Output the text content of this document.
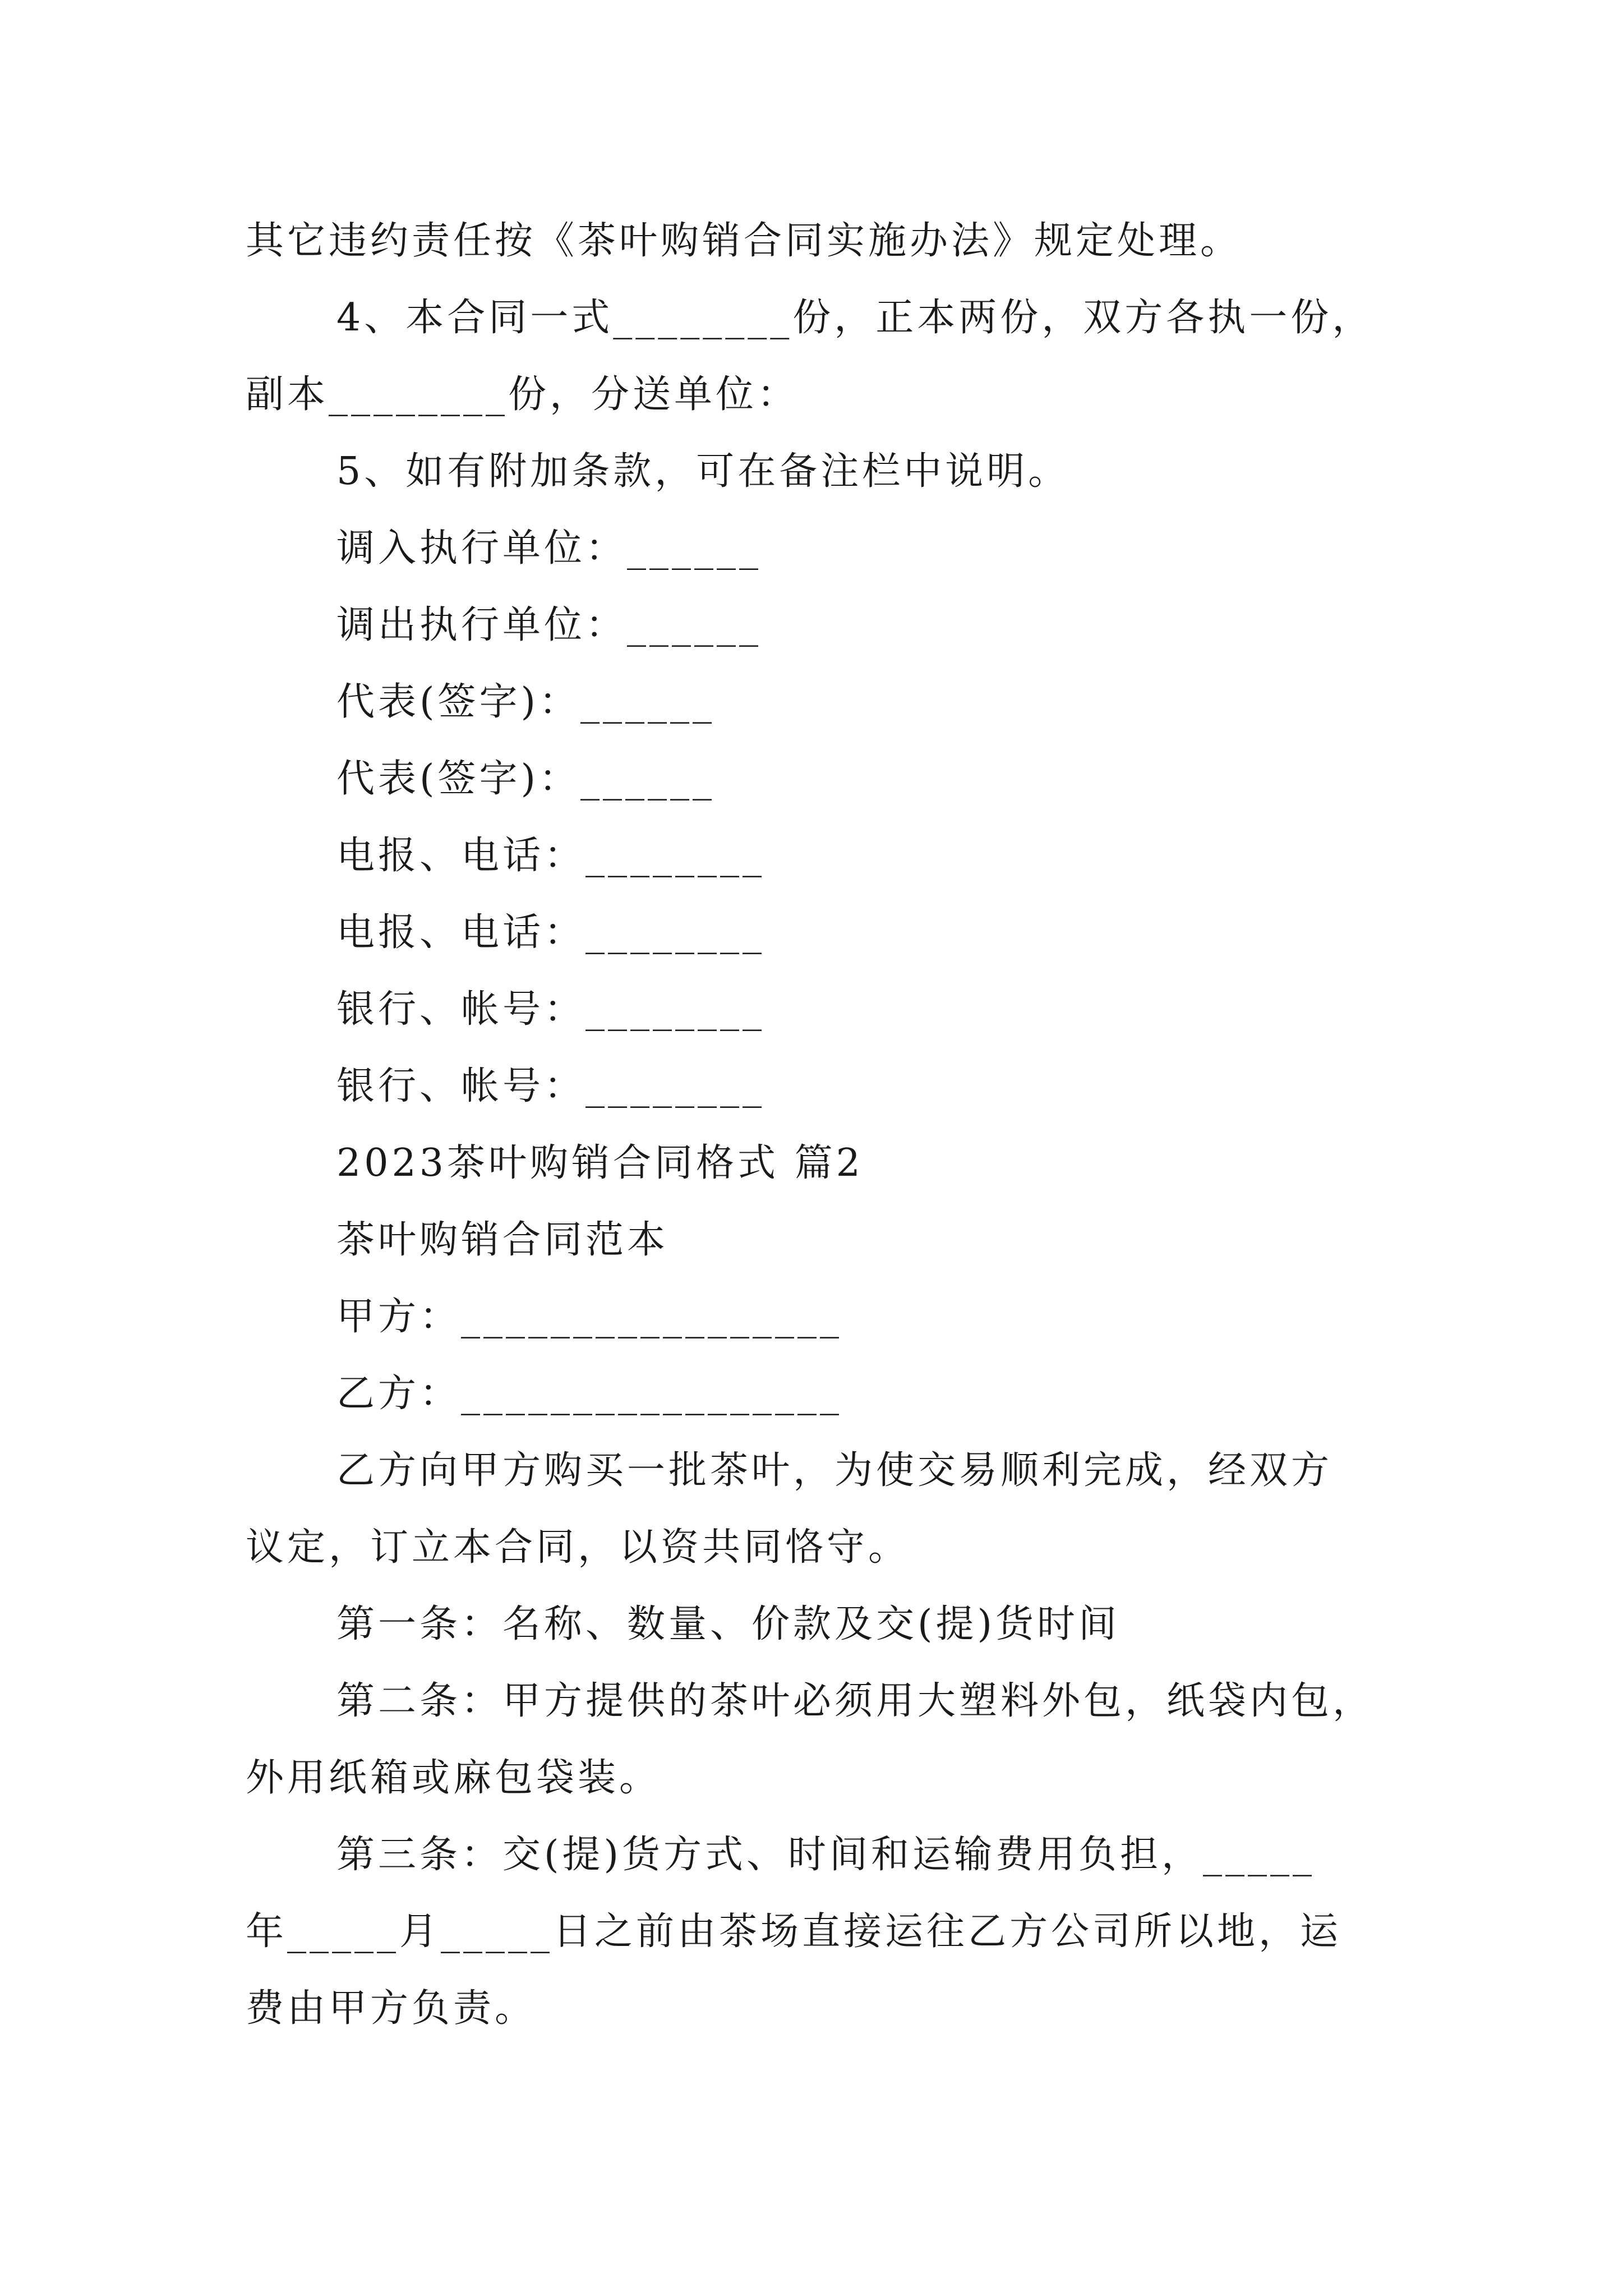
其它违约责任按《茶叶购销合同实施办法》规定处理。
4、本合同一式________份，正本两份，双方各执一份，
副本________份，分送单位：
5、如有附加条款，可在备注栏中说明。
调入执行单位：______
调出执行单位：______
代表(签字)：______
代表(签字)：______
电报、电话：________
电报、电话：________
银行、帐号：________
银行、帐号：________
2023茶叶购销合同格式 篇2
茶叶购销合同范本
甲方：_________________
乙方：_________________
乙方向甲方购买一批茶叶，为使交易顺利完成，经双方
议定，订立本合同，以资共同恪守。
第一条：名称、数量、价款及交(提)货时间
第二条：甲方提供的茶叶必须用大塑料外包，纸袋内包，
外用纸箱或麻包袋装。
第三条：交(提)货方式、时间和运输费用负担，_____
年_____月_____日之前由茶场直接运往乙方公司所以地，运
费由甲方负责。
